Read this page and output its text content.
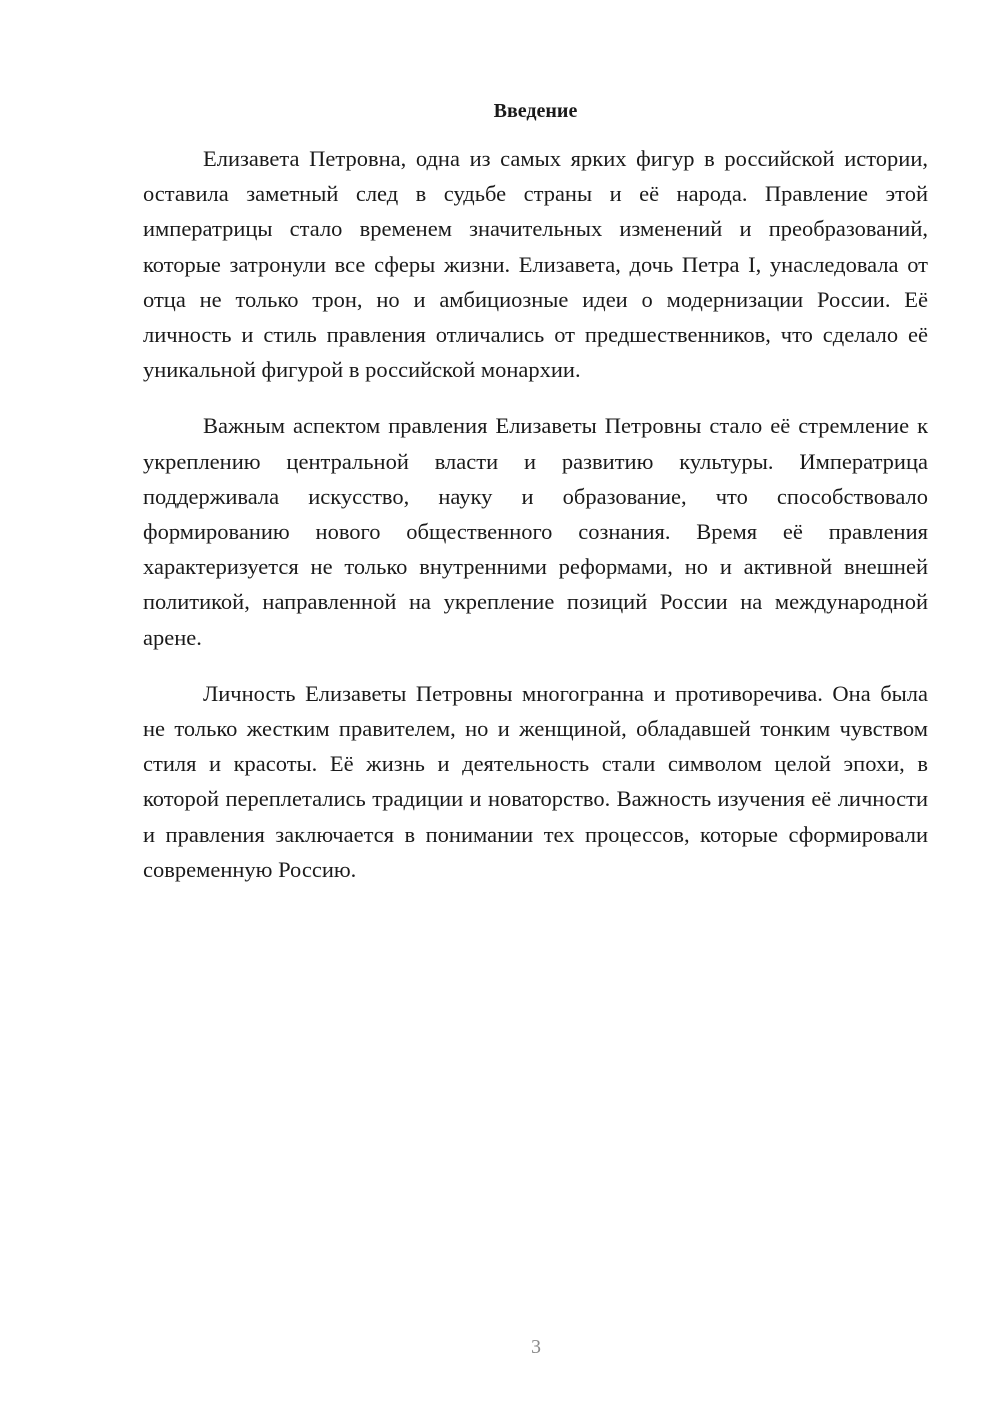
Введение

Елизавета Петровна, одна из самых ярких фигур в российской истории, оставила заметный след в судьбе страны и её народа. Правление этой императрицы стало временем значительных изменений и преобразований, которые затронули все сферы жизни. Елизавета, дочь Петра I, унаследовала от отца не только трон, но и амбициозные идеи о модернизации России. Её личность и стиль правления отличались от предшественников, что сделало её уникальной фигурой в российской монархии.

Важным аспектом правления Елизаветы Петровны стало её стремление к укреплению центральной власти и развитию культуры. Императрица поддерживала искусство, науку и образование, что способствовало формированию нового общественного сознания. Время её правления характеризуется не только внутренними реформами, но и активной внешней политикой, направленной на укрепление позиций России на международной арене.

Личность Елизаветы Петровны многогранна и противоречива. Она была не только жестким правителем, но и женщиной, обладавшей тонким чувством стиля и красоты. Её жизнь и деятельность стали символом целой эпохи, в которой переплетались традиции и новаторство. Важность изучения её личности и правления заключается в понимании тех процессов, которые сформировали современную Россию.

3
